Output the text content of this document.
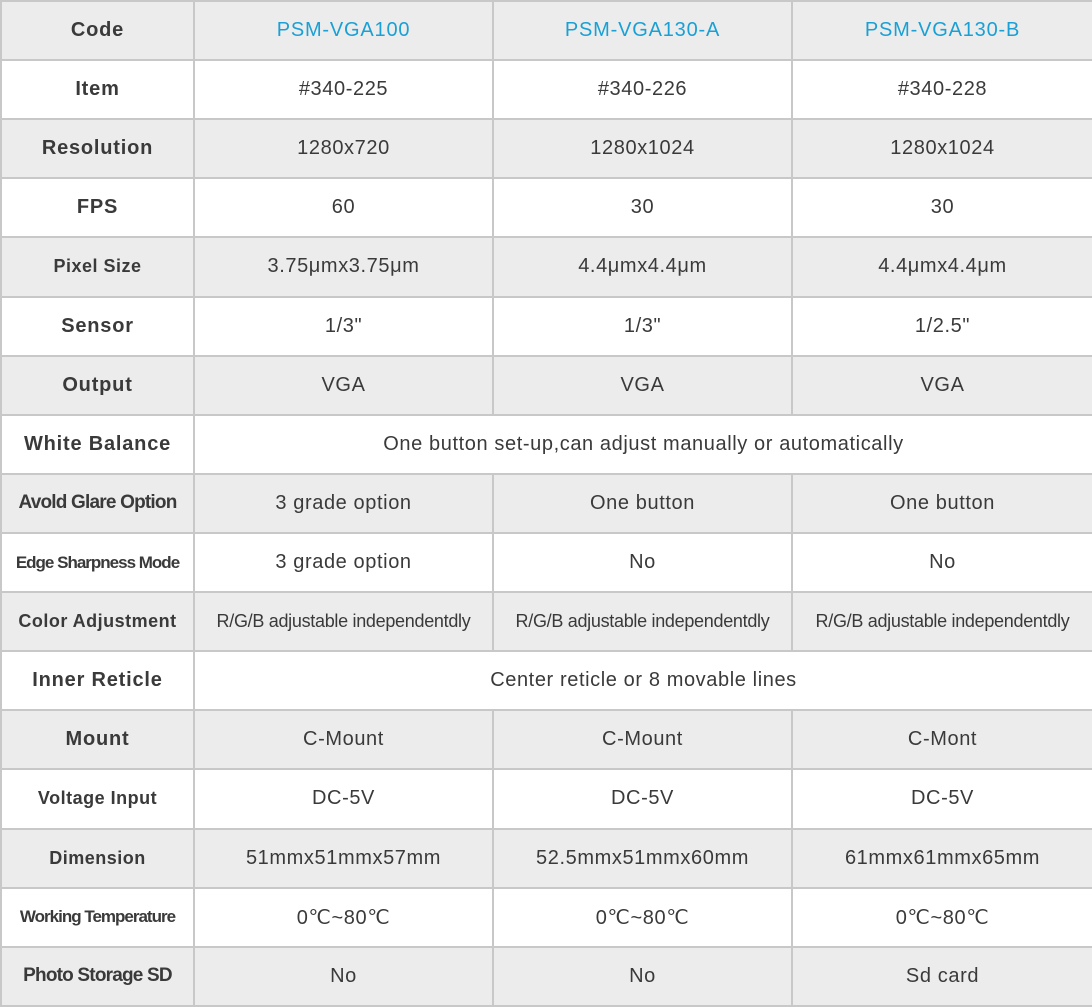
Code	PSM-VGA100	PSM-VGA130-A	PSM-VGA130-B
Item	#340-225	#340-226	#340-228
Resolution	1280x720	1280x1024	1280x1024
FPS	60	30	30
Pixel Size	3.75μmx3.75μm	4.4μmx4.4μm	4.4μmx4.4μm
Sensor	1/3"	1/3"	1/2.5"
Output	VGA	VGA	VGA
White Balance	One button set-up,can adjust manually or automatically		
Avold Glare Option	3 grade option	One button	One button
Edge Sharpness Mode	3 grade option	No	No
Color Adjustment	R/G/B adjustable independentdly	R/G/B adjustable independentdly	R/G/B adjustable independentdly
Inner Reticle	Center reticle or 8 movable lines		
Mount	C-Mount	C-Mount	C-Mont
Voltage Input	DC-5V	DC-5V	DC-5V
Dimension	51mmx51mmx57mm	52.5mmx51mmx60mm	61mmx61mmx65mm
Working Temperature	0℃~80℃	0℃~80℃	0℃~80℃
Photo Storage SD	No	No	Sd card
